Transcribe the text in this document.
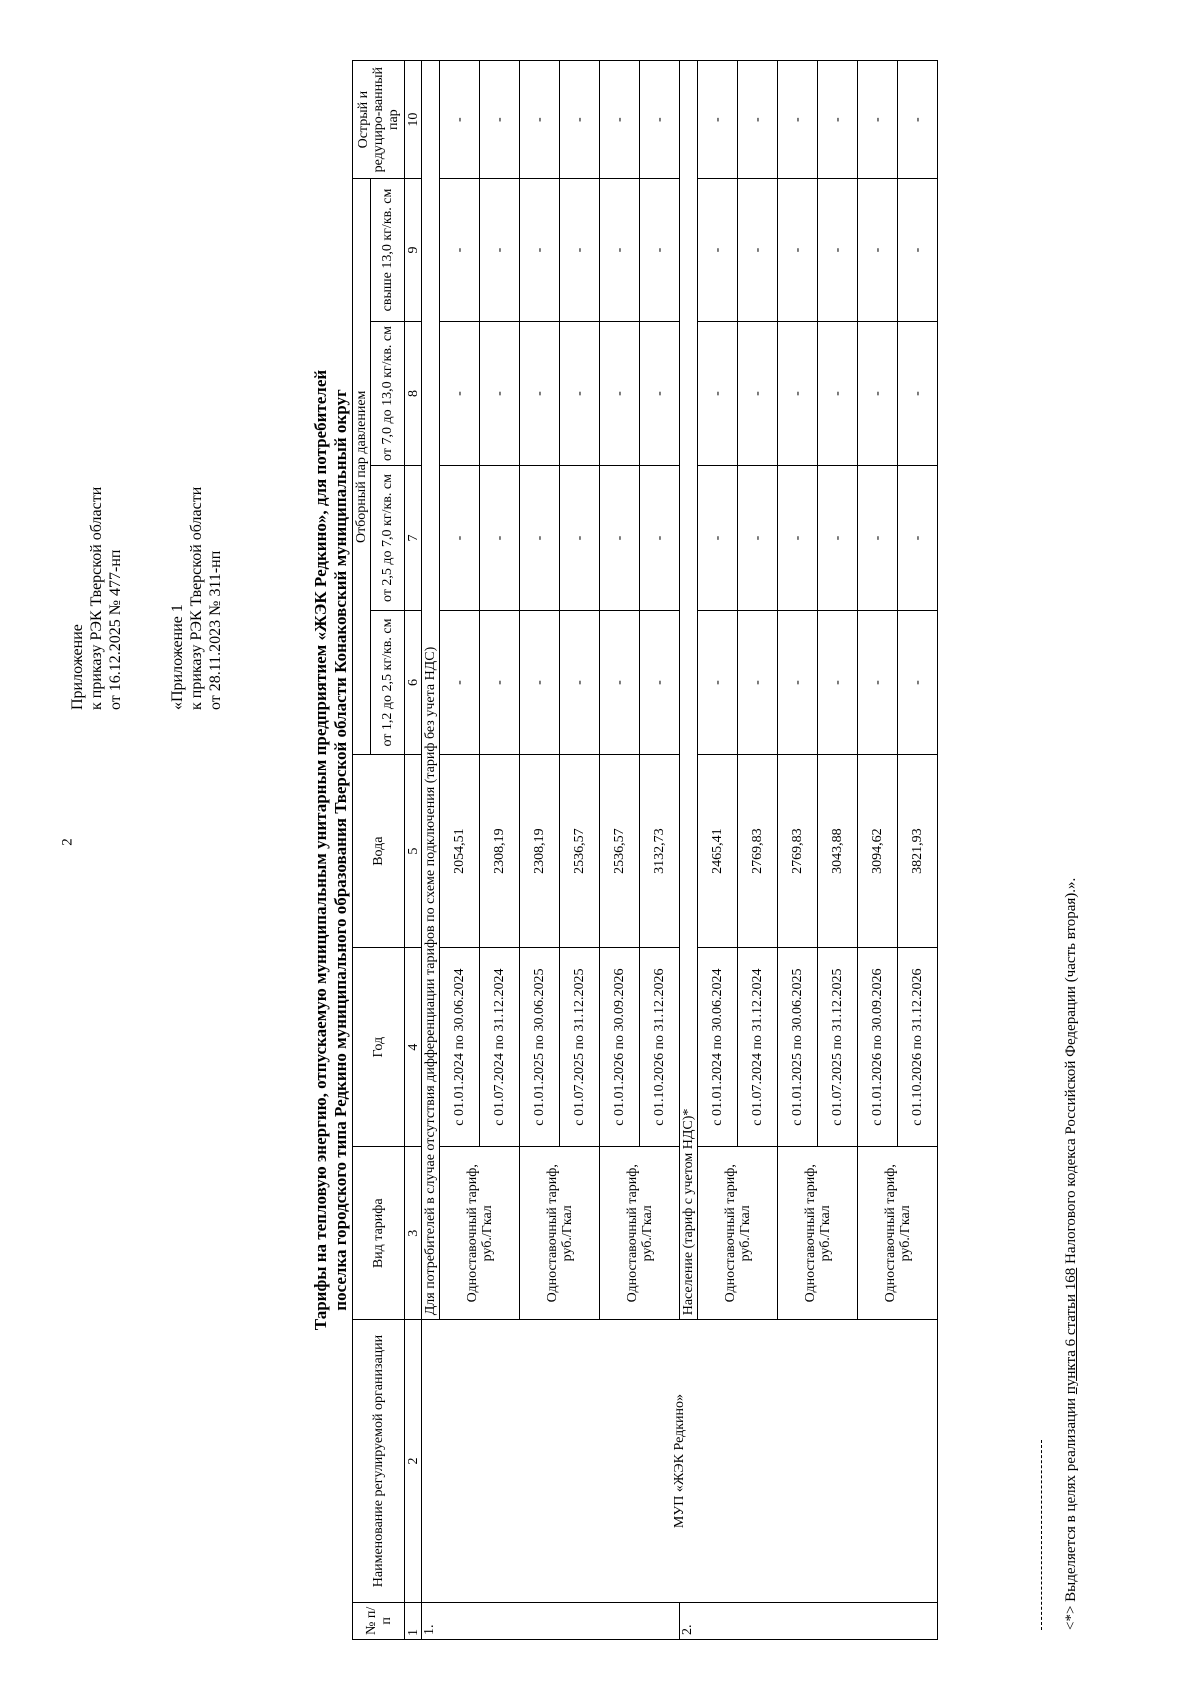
2
Приложение к приказу РЭК Тверской области от 16.12.2025 № 477-нп	«Приложение 1 к приказу РЭК Тверской области от 28.11.2023 № 311-нп	Тарифы на тепловую энергию, отпускаемую муниципальным унитарным предприятием «ЖЭК Редкино», для потребителей поселка городского типа Редкино муниципального образования Тверской области Конаковский муниципальный округ
№ п/ п	Наименование регулируемой организации	Вид тарифа	Год	Вода	Отборный пар давлением				Острый и редуциро-ванный пар
					от 1,2 до 2,5 кг/кв. см	от 2,5 до 7,0 кг/кв. см	от 7,0 до 13,0 кг/кв. см	свыше 13,0 кг/кв. см	
1	2	3	4	5	6	7	8	9	10
1.	МУП «ЖЭК Редкино»	Для потребителей в случае отсутствия дифференциации тарифов по схеме подключения (тариф без учета НДС)							
		Одноставочный тариф, руб./Гкал	с 01.01.2024 по 30.06.2024	2054,51	-	-	-	-	-
			с 01.07.2024 по 31.12.2024	2308,19	-	-	-	-	-
		Одноставочный тариф, руб./Гкал	с 01.01.2025 по 30.06.2025	2308,19	-	-	-	-	-
			с 01.07.2025 по 31.12.2025	2536,57	-	-	-	-	-
		Одноставочный тариф, руб./Гкал	с 01.01.2026 по 30.09.2026	2536,57	-	-	-	-	-
			с 01.10.2026 по 31.12.2026	3132,73	-	-	-	-	-
2.		Население (тариф с учетом НДС)*							
		Одноставочный тариф, руб./Гкал	с 01.01.2024 по 30.06.2024	2465,41	-	-	-	-	-
			с 01.07.2024 по 31.12.2024	2769,83	-	-	-	-	-
		Одноставочный тариф, руб./Гкал	с 01.01.2025 по 30.06.2025	2769,83	-	-	-	-	-
			с 01.07.2025 по 31.12.2025	3043,88	-	-	-	-	-
		Одноставочный тариф, руб./Гкал	с 01.01.2026 по 30.09.2026	3094,62	-	-	-	-	-
			с 01.10.2026 по 31.12.2026	3821,93	-	-	-	-	-
<*> Выделяется в целях реализации пункта 6 статьи 168 Налогового кодекса Российской Федерации (часть вторая).».
